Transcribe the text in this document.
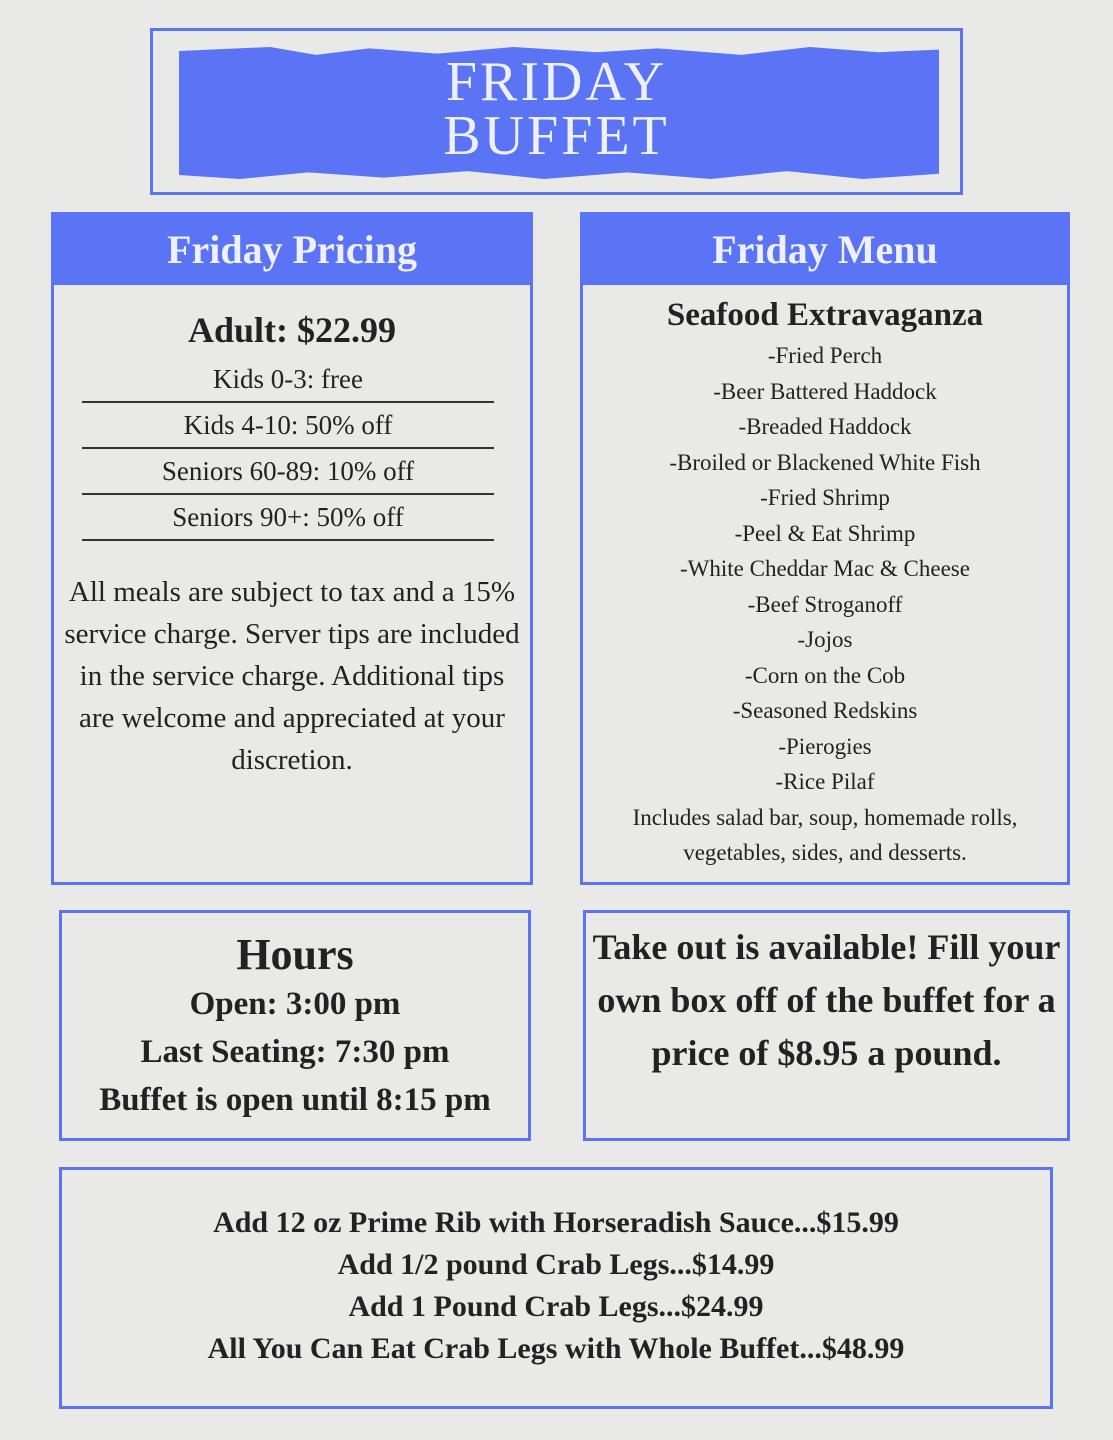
FRIDAY
BUFFET
Friday Pricing
Adult: $22.99
Kids 0-3: free
Kids 4-10: 50% off
Seniors 60-89: 10% off
Seniors 90+: 50% off
All meals are subject to tax and a 15% service charge. Server tips are included in the service charge. Additional tips are welcome and appreciated at your discretion.
Friday Menu
Seafood Extravaganza
-Fried Perch
-Beer Battered Haddock
-Breaded Haddock
-Broiled or Blackened White Fish
-Fried Shrimp
-Peel & Eat Shrimp
-White Cheddar Mac & Cheese
-Beef Stroganoff
-Jojos
-Corn on the Cob
-Seasoned Redskins
-Pierogies
-Rice Pilaf
Includes salad bar, soup, homemade rolls, vegetables, sides, and desserts.
Hours
Open: 3:00 pm
Last Seating: 7:30 pm
Buffet is open until 8:15 pm
Take out is available! Fill your own box off of the buffet for a price of $8.95 a pound.
Add 12 oz Prime Rib with Horseradish Sauce...$15.99
Add 1/2 pound Crab Legs...$14.99
Add 1 Pound Crab Legs...$24.99
All You Can Eat Crab Legs with Whole Buffet...$48.99
